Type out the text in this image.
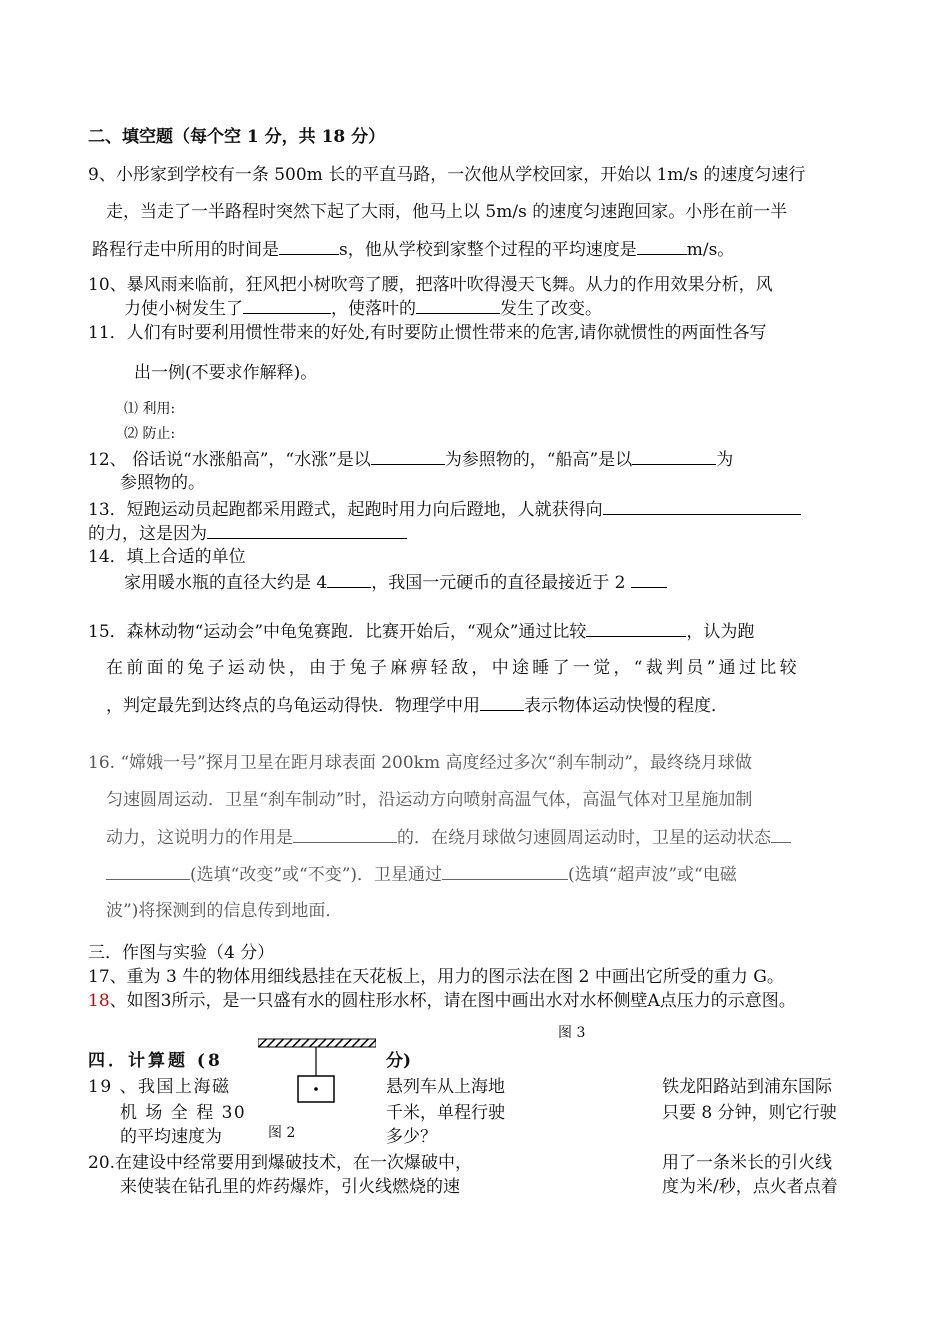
二、填空题（每个空 1 分，共 18 分）
9、小彤家到学校有一条 500m 长的平直马路，一次他从学校回家，开始以 1m/s 的速度匀速行
走，当走了一半路程时突然下起了大雨，他马上以 5m/s 的速度匀速跑回家。小彤在前一半
路程行走中所用的时间是	s，他从学校到家整个过程的平均速度是	m/s。
10、暴风雨来临前，狂风把小树吹弯了腰，把落叶吹得漫天飞舞。从力的作用效果分析，风
力使小树发生了	，使落叶的	发生了改变。
11．人们有时要利用惯性带来的好处,有时要防止惯性带来的危害,请你就惯性的两面性各写
出一例(不要求作解释)。
⑴ 利用:
⑵ 防止:
12、 俗话说“水涨船高”，“水涨”是以	为参照物的，“船高”是以	为
参照物的。
13．短跑运动员起跑都采用蹬式，起跑时用力向后蹬地，人就获得向
的力，这是因为
14．填上合适的单位
家用暖水瓶的直径大约是 4	，我国一元硬币的直径最接近于 2
15．森林动物“运动会”中龟兔赛跑．比赛开始后，“观众”通过比较	，认为跑
在前面的兔子运动快，由于兔子麻痹轻敌，中途睡了一觉，“裁判员”通过比较
，判定最先到达终点的乌龟运动得快．物理学中用	表示物体运动快慢的程度．
16. “嫦娥一号”探月卫星在距月球表面 200km 高度经过多次“刹车制动”，最终绕月球做
匀速圆周运动．卫星“刹车制动”时，沿运动方向喷射高温气体，高温气体对卫星施加制
动力，这说明力的作用是	的．在绕月球做匀速圆周运动时，卫星的运动状态
(选填“改变”或“不变”)．卫星通过	(选填“超声波”或“电磁
波”)将探测到的信息传到地面．
三．作图与实验（4 分）
17、重为 3 牛的物体用细线悬挂在天花板上，用力的图示法在图 2 中画出它所受的重力 G。
18、如图3所示，是一只盛有水的圆柱形水杯，请在图中画出水对水杯侧壁A点压力的示意图。
图 3
图 2
四．计算题 (8	分)
19 、我国上海磁
机 场 全 程 30
的平均速度为
悬列车从上海地
千米，单程行驶
多少？
铁龙阳路站到浦东国际
只要 8 分钟，则它行驶
20.在建设中经常要用到爆破技术，在一次爆破中，	用了一条米长的引火线
来使装在钻孔里的炸药爆炸，引火线燃烧的速	度为米/秒，点火者点着
